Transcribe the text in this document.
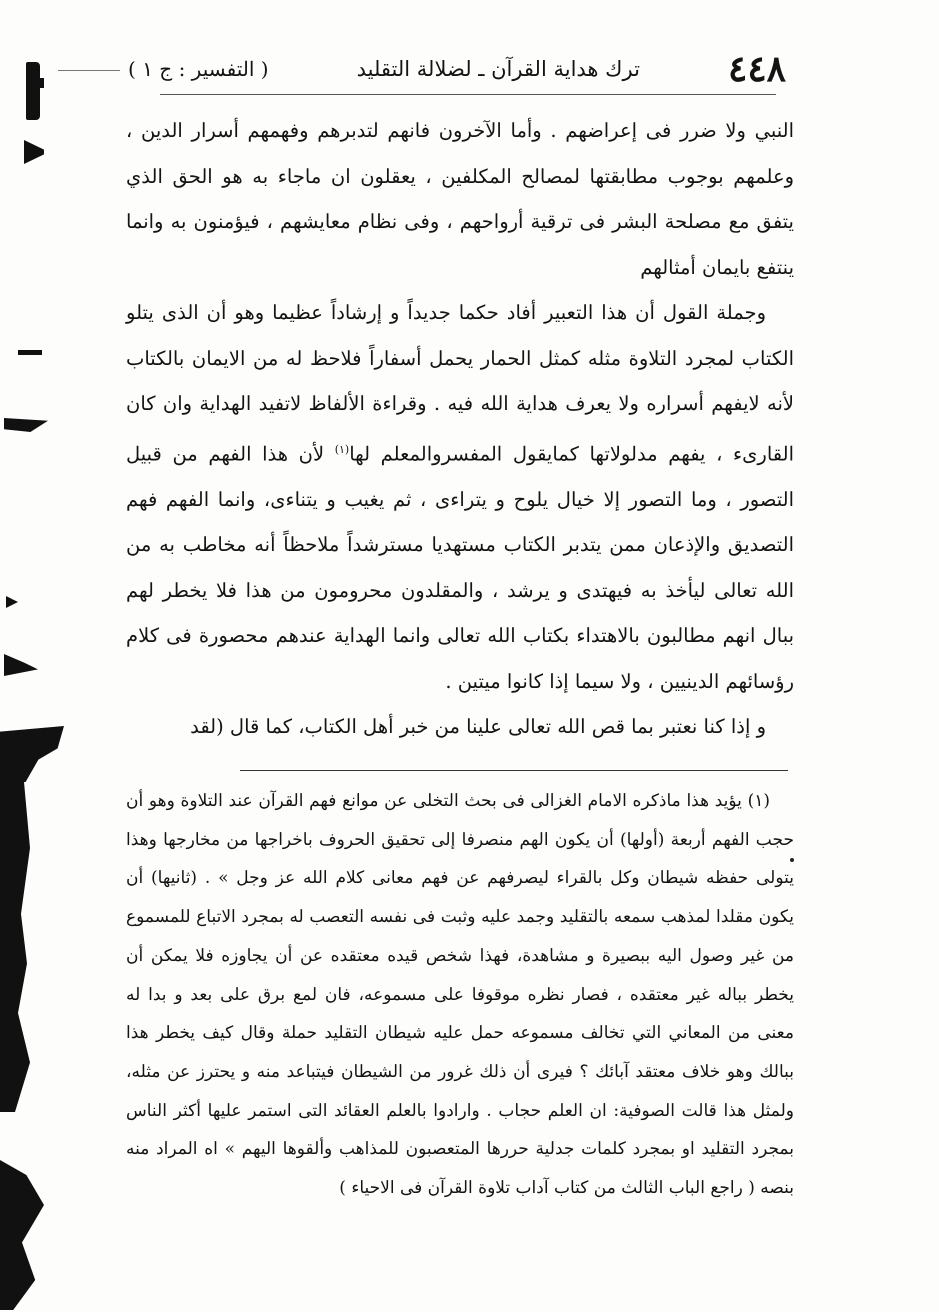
٤٤٨
ترك هداية القرآن ـ لضلالة التقليد
( التفسير : ج ١ )

النبي ولا ضرر فى إعراضهم . وأما الآخرون فانهم لتدبرهم وفهمهم أسرار الدين ، وعلمهم بوجوب مطابقتها لمصالح المكلفين ، يعقلون ان ماجاء به هو الحق الذي يتفق مع مصلحة البشر فى ترقية أرواحهم ، وفى نظام معايشهم ، فيؤمنون به وانما ينتفع بايمان أمثالهم

وجملة القول أن هذا التعبير أفاد حكما جديداً و إرشاداً عظيما وهو أن الذى يتلو الكتاب لمجرد التلاوة مثله كمثل الحمار يحمل أسفاراً فلاحظ له من الايمان بالكتاب لأنه لايفهم أسراره ولا يعرف هداية الله فيه . وقراءة الألفاظ لاتفيد الهداية وان كان القارىء ، يفهم مدلولاتها كمايقول المفسروالمعلم لها$^{(١)}$ لأن هذا الفهم من قبيل التصور ، وما التصور إلا خيال يلوح و يتراءى ، ثم يغيب و يتناءى، وانما الفهم فهم التصديق والإذعان ممن يتدبر الكتاب مستهديا مسترشداً ملاحظاً أنه مخاطب به من الله تعالى ليأخذ به فيهتدى و يرشد ، والمقلدون محرومون من هذا فلا يخطر لهم ببال انهم مطالبون بالاهتداء بكتاب الله تعالى وانما الهداية عندهم محصورة فى كلام رؤسائهم الدينيين ، ولا سيما إذا كانوا ميتين .

و إذا كنا نعتبر بما قص الله تعالى علينا من خبر أهل الكتاب، كما قال (لقد

(١) يؤيد هذا ماذكره الامام الغزالى فى بحث التخلى عن موانع فهم القرآن عند التلاوة وهو أن حجب الفهم أربعة (أولها) أن يكون الهم منصرفا إلى تحقيق الحروف باخراجها من مخارجها وهذا يتولى حفظه شيطان وكل بالقراء ليصرفهم عن فهم معانى كلام الله عز وجل » . (ثانيها) أن يكون مقلدا لمذهب سمعه بالتقليد وجمد عليه وثبت فى نفسه التعصب له بمجرد الاتباع للمسموع من غير وصول اليه ببصيرة و مشاهدة، فهذا شخص قيده معتقده عن أن يجاوزه فلا يمكن أن يخطر بباله غير معتقده ، فصار نظره موقوفا على مسموعه، فان لمع برق على بعد و بدا له معنى من المعاني التي تخالف مسموعه حمل عليه شيطان التقليد حملة وقال كيف يخطر هذا ببالك وهو خلاف معتقد آبائك ؟ فيرى أن ذلك غرور من الشيطان فيتباعد منه و يحترز عن مثله، ولمثل هذا قالت الصوفية: ان العلم حجاب . وارادوا بالعلم العقائد التى استمر عليها أكثر الناس بمجرد التقليد او بمجرد كلمات جدلية حررها المتعصبون للمذاهب وألقوها اليهم » اه المراد منه بنصه ( راجع الباب الثالث من كتاب آداب تلاوة القرآن فى الاحياء )
